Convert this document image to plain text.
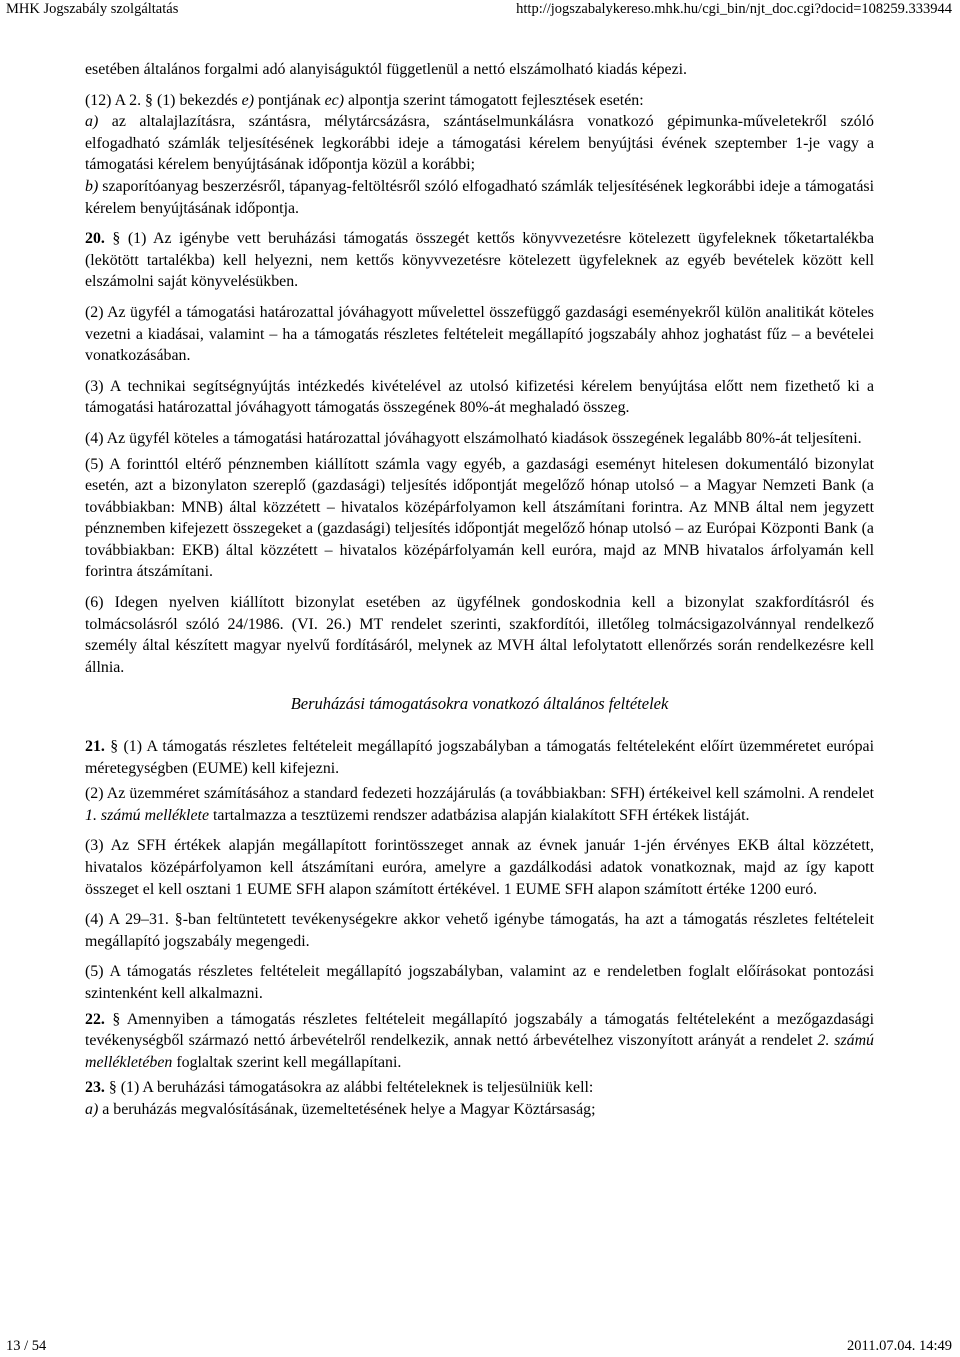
MHK Jogszabály szolgáltatás	http://jogszabalykereso.mhk.hu/cgi_bin/njt_doc.cgi?docid=108259.333944

esetében általános forgalmi adó alanyiságuktól függetlenül a nettó elszámolható kiadás képezi.

(12) A 2. § (1) bekezdés e) pontjának ec) alpontja szerint támogatott fejlesztések esetén:

a) az altalajlazításra, szántásra, mélytárcsázásra, szántáselmunkálásra vonatkozó gépimunka-műveletekről szóló elfogadható számlák teljesítésének legkorábbi ideje a támogatási kérelem benyújtási évének szeptember 1-je vagy a támogatási kérelem benyújtásának időpontja közül a korábbi;

b) szaporítóanyag beszerzésről, tápanyag-feltöltésről szóló elfogadható számlák teljesítésének legkorábbi ideje a támogatási kérelem benyújtásának időpontja.

20. § (1) Az igénybe vett beruházási támogatás összegét kettős könyvvezetésre kötelezett ügyfeleknek tőketartalékba (lekötött tartalékba) kell helyezni, nem kettős könyvvezetésre kötelezett ügyfeleknek az egyéb bevételek között kell elszámolni saját könyvelésükben.

(2) Az ügyfél a támogatási határozattal jóváhagyott művelettel összefüggő gazdasági eseményekről külön analitikát köteles vezetni a kiadásai, valamint – ha a támogatás részletes feltételeit megállapító jogszabály ahhoz joghatást fűz – a bevételei vonatkozásában.

(3) A technikai segítségnyújtás intézkedés kivételével az utolsó kifizetési kérelem benyújtása előtt nem fizethető ki a támogatási határozattal jóváhagyott támogatás összegének 80%-át meghaladó összeg.

(4) Az ügyfél köteles a támogatási határozattal jóváhagyott elszámolható kiadások összegének legalább 80%-át teljesíteni.

(5) A forinttól eltérő pénznemben kiállított számla vagy egyéb, a gazdasági eseményt hitelesen dokumentáló bizonylat esetén, azt a bizonylaton szereplő (gazdasági) teljesítés időpontját megelőző hónap utolsó – a Magyar Nemzeti Bank (a továbbiakban: MNB) által közzétett – hivatalos középárfolyamon kell átszámítani forintra. Az MNB által nem jegyzett pénznemben kifejezett összegeket a (gazdasági) teljesítés időpontját megelőző hónap utolsó – az Európai Központi Bank (a továbbiakban: EKB) által közzétett – hivatalos középárfolyamán kell euróra, majd az MNB hivatalos árfolyamán kell forintra átszámítani.

(6) Idegen nyelven kiállított bizonylat esetében az ügyfélnek gondoskodnia kell a bizonylat szakfordításról és tolmácsolásról szóló 24/1986. (VI. 26.) MT rendelet szerinti, szakfordítói, illetőleg tolmácsigazolvánnyal rendelkező személy által készített magyar nyelvű fordításáról, melynek az MVH által lefolytatott ellenőrzés során rendelkezésre kell állnia.

Beruházási támogatásokra vonatkozó általános feltételek

21. § (1) A támogatás részletes feltételeit megállapító jogszabályban a támogatás feltételeként előírt üzemméretet európai méretegységben (EUME) kell kifejezni.

(2) Az üzemméret számításához a standard fedezeti hozzájárulás (a továbbiakban: SFH) értékeivel kell számolni. A rendelet 1. számú melléklete tartalmazza a tesztüzemi rendszer adatbázisa alapján kialakított SFH értékek listáját.

(3) Az SFH értékek alapján megállapított forintösszeget annak az évnek január 1-jén érvényes EKB által közzétett, hivatalos középárfolyamon kell átszámítani euróra, amelyre a gazdálkodási adatok vonatkoznak, majd az így kapott összeget el kell osztani 1 EUME SFH alapon számított értékével. 1 EUME SFH alapon számított értéke 1200 euró.

(4) A 29–31. §-ban feltüntetett tevékenységekre akkor vehető igénybe támogatás, ha azt a támogatás részletes feltételeit megállapító jogszabály megengedi.

(5) A támogatás részletes feltételeit megállapító jogszabályban, valamint az e rendeletben foglalt előírásokat pontozási szintenként kell alkalmazni.

22. § Amennyiben a támogatás részletes feltételeit megállapító jogszabály a támogatás feltételeként a mezőgazdasági tevékenységből származó nettó árbevételről rendelkezik, annak nettó árbevételhez viszonyított arányát a rendelet 2. számú mellékletében foglaltak szerint kell megállapítani.

23. § (1) A beruházási támogatásokra az alábbi feltételeknek is teljesülniük kell:

a) a beruházás megvalósításának, üzemeltetésének helye a Magyar Köztársaság;

13 / 54	2011.07.04. 14:49
